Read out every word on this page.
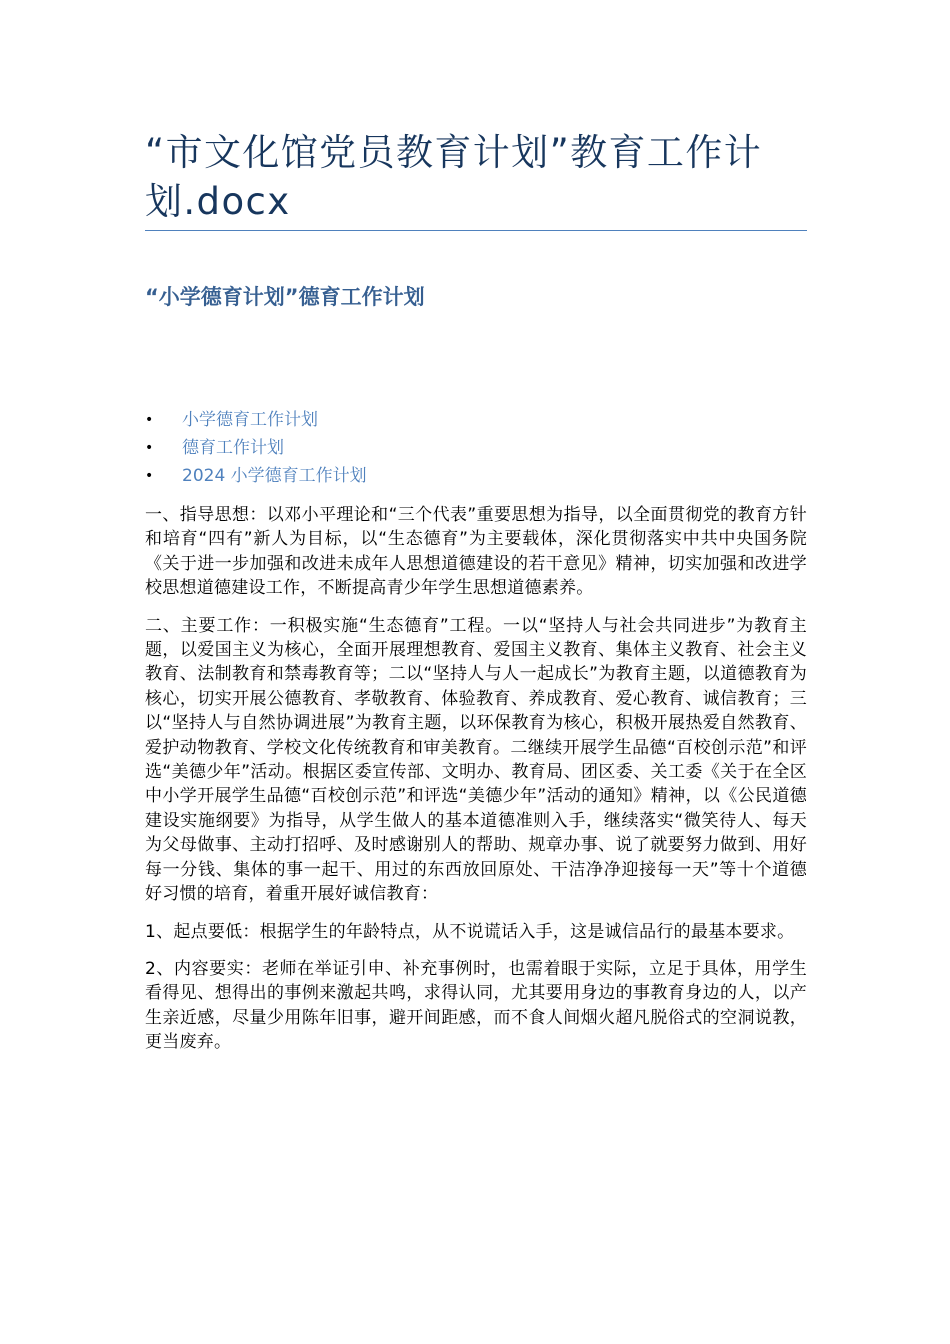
“市文化馆党员教育计划”教育工作计划.docx
“小学德育计划”德育工作计划
• 小学德育工作计划
• 德育工作计划
• 2024 小学德育工作计划

一、指导思想：以邓小平理论和“三个代表”重要思想为指导，以全面贯彻党的教育方针和培育“四有”新人为目标，以“生态德育”为主要载体，深化贯彻落实中共中央国务院《关于进一步加强和改进未成年人思想道德建设的若干意见》精神，切实加强和改进学校思想道德建设工作，不断提高青少年学生思想道德素养。

二、主要工作：一积极实施“生态德育”工程。一以“坚持人与社会共同进步”为教育主题，以爱国主义为核心，全面开展理想教育、爱国主义教育、集体主义教育、社会主义教育、法制教育和禁毒教育等；二以“坚持人与人一起成长”为教育主题，以道德教育为核心，切实开展公德教育、孝敬教育、体验教育、养成教育、爱心教育、诚信教育；三以“坚持人与自然协调进展”为教育主题，以环保教育为核心，积极开展热爱自然教育、爱护动物教育、学校文化传统教育和审美教育。二继续开展学生品德“百校创示范”和评选“美德少年”活动。根据区委宣传部、文明办、教育局、团区委、关工委《关于在全区中小学开展学生品德“百校创示范”和评选“美德少年”活动的通知》精神，以《公民道德建设实施纲要》为指导，从学生做人的基本道德准则入手，继续落实“微笑待人、每天为父母做事、主动打招呼、及时感谢别人的帮助、规章办事、说了就要努力做到、用好每一分钱、集体的事一起干、用过的东西放回原处、干洁净净迎接每一天”等十个道德好习惯的培育，着重开展好诚信教育：

1、起点要低：根据学生的年龄特点，从不说谎话入手，这是诚信品行的最基本要求。

2、内容要实：老师在举证引申、补充事例时，也需着眼于实际，立足于具体，用学生看得见、想得出的事例来激起共鸣，求得认同，尤其要用身边的事教育身边的人，以产生亲近感，尽量少用陈年旧事，避开间距感，而不食人间烟火超凡脱俗式的空洞说教，更当废弃。
